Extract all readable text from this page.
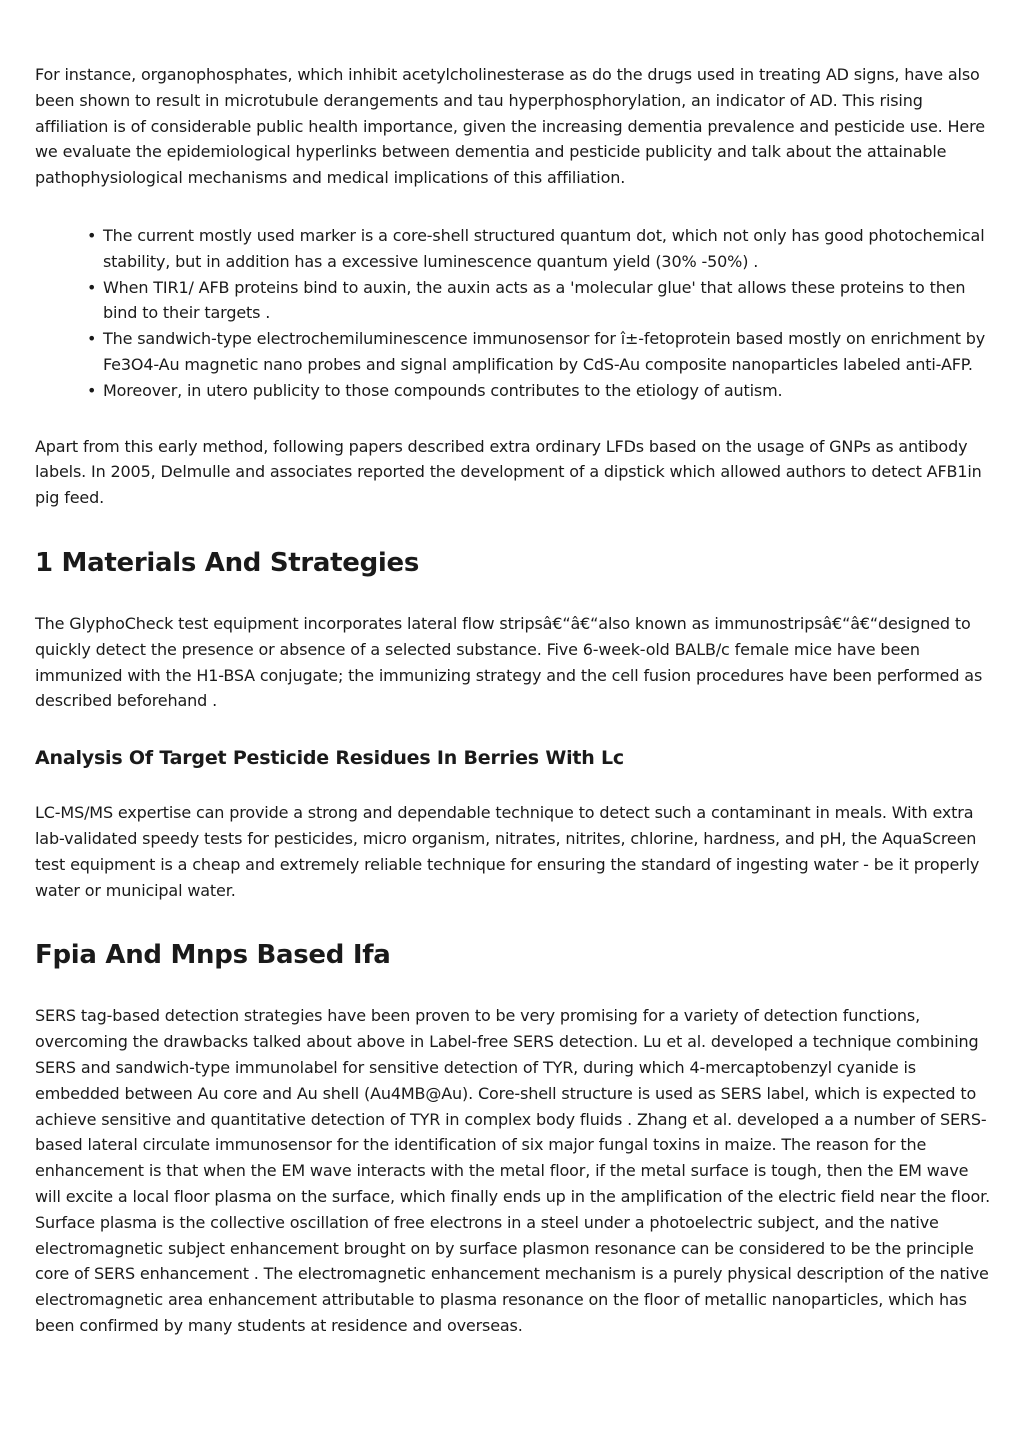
For instance, organophosphates, which inhibit acetylcholinesterase as do the drugs used in treating AD signs, have also been shown to result in microtubule derangements and tau hyperphosphorylation, an indicator of AD. This rising affiliation is of considerable public health importance, given the increasing dementia prevalence and pesticide use. Here we evaluate the epidemiological hyperlinks between dementia and pesticide publicity and talk about the attainable pathophysiological mechanisms and medical implications of this affiliation.

• The current mostly used marker is a core-shell structured quantum dot, which not only has good photochemical stability, but in addition has a excessive luminescence quantum yield (30% -50%) .
• When TIR1/ AFB proteins bind to auxin, the auxin acts as a 'molecular glue' that allows these proteins to then bind to their targets .
• The sandwich-type electrochemiluminescence immunosensor for î±-fetoprotein based mostly on enrichment by Fe3O4-Au magnetic nano probes and signal amplification by CdS-Au composite nanoparticles labeled anti-AFP.
• Moreover, in utero publicity to those compounds contributes to the etiology of autism.

Apart from this early method, following papers described extra ordinary LFDs based on the usage of GNPs as antibody labels. In 2005, Delmulle and associates reported the development of a dipstick which allowed authors to detect AFB1in pig feed.

1 Materials And Strategies

The GlyphoCheck test equipment incorporates lateral flow stripsâ€“â€“also known as immunostripsâ€“â€“designed to quickly detect the presence or absence of a selected substance. Five 6-week-old BALB/c female mice have been immunized with the H1-BSA conjugate; the immunizing strategy and the cell fusion procedures have been performed as described beforehand .

Analysis Of Target Pesticide Residues In Berries With Lc

LC-MS/MS expertise can provide a strong and dependable technique to detect such a contaminant in meals. With extra lab-validated speedy tests for pesticides, micro organism, nitrates, nitrites, chlorine, hardness, and pH, the AquaScreen test equipment is a cheap and extremely reliable technique for ensuring the standard of ingesting water - be it properly water or municipal water.

Fpia And Mnps Based Ifa

SERS tag-based detection strategies have been proven to be very promising for a variety of detection functions, overcoming the drawbacks talked about above in Label-free SERS detection. Lu et al. developed a technique combining SERS and sandwich-type immunolabel for sensitive detection of TYR, during which 4-mercaptobenzyl cyanide is embedded between Au core and Au shell (Au4MB@Au). Core-shell structure is used as SERS label, which is expected to achieve sensitive and quantitative detection of TYR in complex body fluids . Zhang et al. developed a a number of SERS-based lateral circulate immunosensor for the identification of six major fungal toxins in maize. The reason for the enhancement is that when the EM wave interacts with the metal floor, if the metal surface is tough, then the EM wave will excite a local floor plasma on the surface, which finally ends up in the amplification of the electric field near the floor. Surface plasma is the collective oscillation of free electrons in a steel under a photoelectric subject, and the native electromagnetic subject enhancement brought on by surface plasmon resonance can be considered to be the principle core of SERS enhancement . The electromagnetic enhancement mechanism is a purely physical description of the native electromagnetic area enhancement attributable to plasma resonance on the floor of metallic nanoparticles, which has been confirmed by many students at residence and overseas.
